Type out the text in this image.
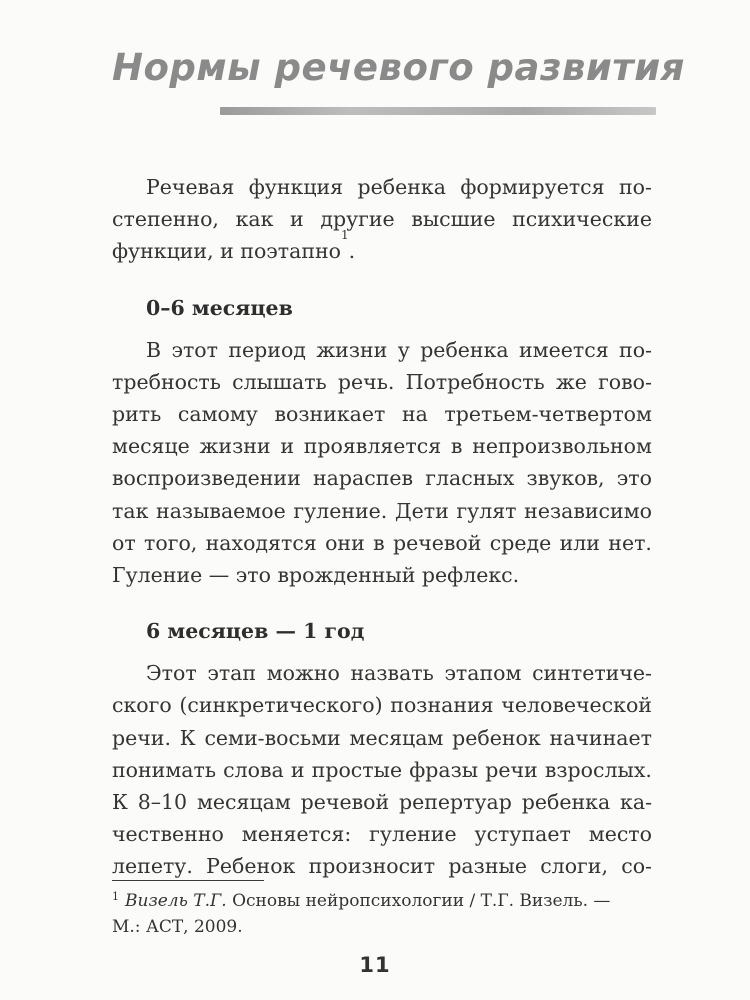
Нормы речевого развития
Речевая функция ребенка формируется по-
степенно, как и другие высшие психические
функции, и поэтапно
1
.
0–6 месяцев
В этот период жизни у ребенка имеется по-
требность слышать речь. Потребность же гово-
рить самому возникает на третьем-четвертом
месяце жизни и проявляется в непроизвольном
воспроизведении нараспев гласных звуков, это
так называемое гуление. Дети гулят независимо
от того, находятся они в речевой среде или нет.
Гуление — это врожденный рефлекс.
6 месяцев — 1 год
Этот этап можно назвать этапом синтетиче-
ского (синкретического) познания человеческой
речи. К семи-восьми месяцам ребенок начинает
понимать слова и простые фразы речи взрослых.
К 8–10 месяцам речевой репертуар ребенка ка-
чественно меняется: гуление уступает место
лепету. Ребенок произносит разные слоги, со-
$^1$ Визель Т.Г. Основы нейропсихологии / Т.Г. Визель. —
М.: АСТ, 2009.
11
